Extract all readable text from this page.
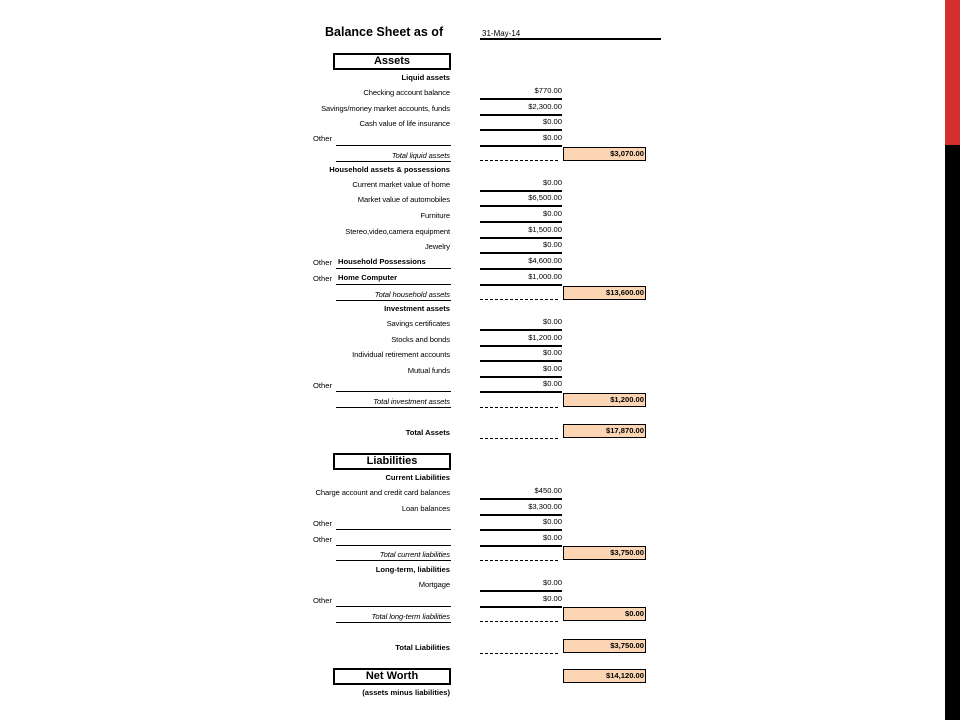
Balance Sheet as of	31-May-14
Assets
Liquid assets
Checking account balance	$770.00
Savings/money market accounts, funds	$2,300.00
Cash value of life insurance	$0.00
Other	$0.00
Total liquid assets	$3,070.00
Household assets & possessions
Current market value of home	$0.00
Market value of automobiles	$6,500.00
Furniture	$0.00
Stereo,video,camera equipment	$1,500.00
Jewelry	$0.00
Other Household Possessions	$4,600.00
Other Home Computer	$1,000.00
Total household assets	$13,600.00
Investment assets
Savings certificates	$0.00
Stocks and bonds	$1,200.00
Individual retirement accounts	$0.00
Mutual funds	$0.00
Other	$0.00
Total investment assets	$1,200.00
Total Assets	$17,870.00
Liabilities
Current Liabilities
Charge account and credit card balances	$450.00
Loan balances	$3,300.00
Other	$0.00
Other	$0.00
Total current liabilities	$3,750.00
Long-term, liabilities
Mortgage	$0.00
Other	$0.00
Total long-term liabilities	$0.00
Total Liabilities	$3,750.00
Net Worth
(assets minus liabilities)
$14,120.00
